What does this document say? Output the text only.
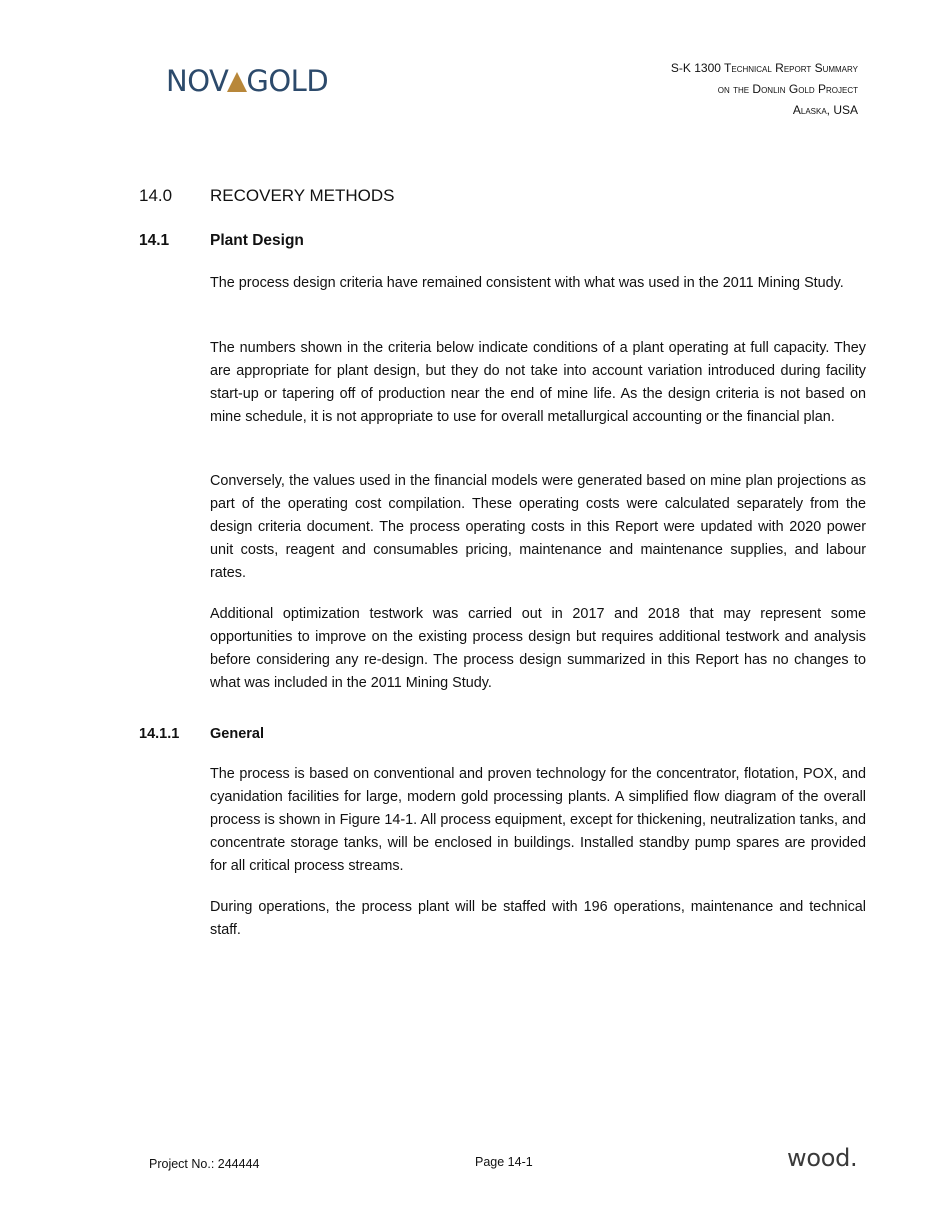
NOV GOLD	S-K 1300 Technical Report Summary
on the Donlin Gold Project
Alaska, USA
14.0 RECOVERY METHODS
14.1	Plant Design

The process design criteria have remained consistent with what was used in the 2011 Mining Study.

The numbers shown in the criteria below indicate conditions of a plant operating at full capacity. They are appropriate for plant design, but they do not take into account variation introduced during facility start-up or tapering off of production near the end of mine life. As the design criteria is not based on mine schedule, it is not appropriate to use for overall metallurgical accounting or the financial plan.

Conversely, the values used in the financial models were generated based on mine plan projections as part of the operating cost compilation. These operating costs were calculated separately from the design criteria document. The process operating costs in this Report were updated with 2020 power unit costs, reagent and consumables pricing, maintenance and maintenance supplies, and labour rates.

Additional optimization testwork was carried out in 2017 and 2018 that may represent some opportunities to improve on the existing process design but requires additional testwork and analysis before considering any re-design. The process design summarized in this Report has no changes to what was included in the 2011 Mining Study.

14.1.1 General

The process is based on conventional and proven technology for the concentrator, flotation, POX, and cyanidation facilities for large, modern gold processing plants. A simplified flow diagram of the overall process is shown in Figure 14-1. All process equipment, except for thickening, neutralization tanks, and concentrate storage tanks, will be enclosed in buildings. Installed standby pump spares are provided for all critical process streams.

During operations, the process plant will be staffed with 196 operations, maintenance and technical staff.

Project No.: 244444	Page 14-1	wood.
